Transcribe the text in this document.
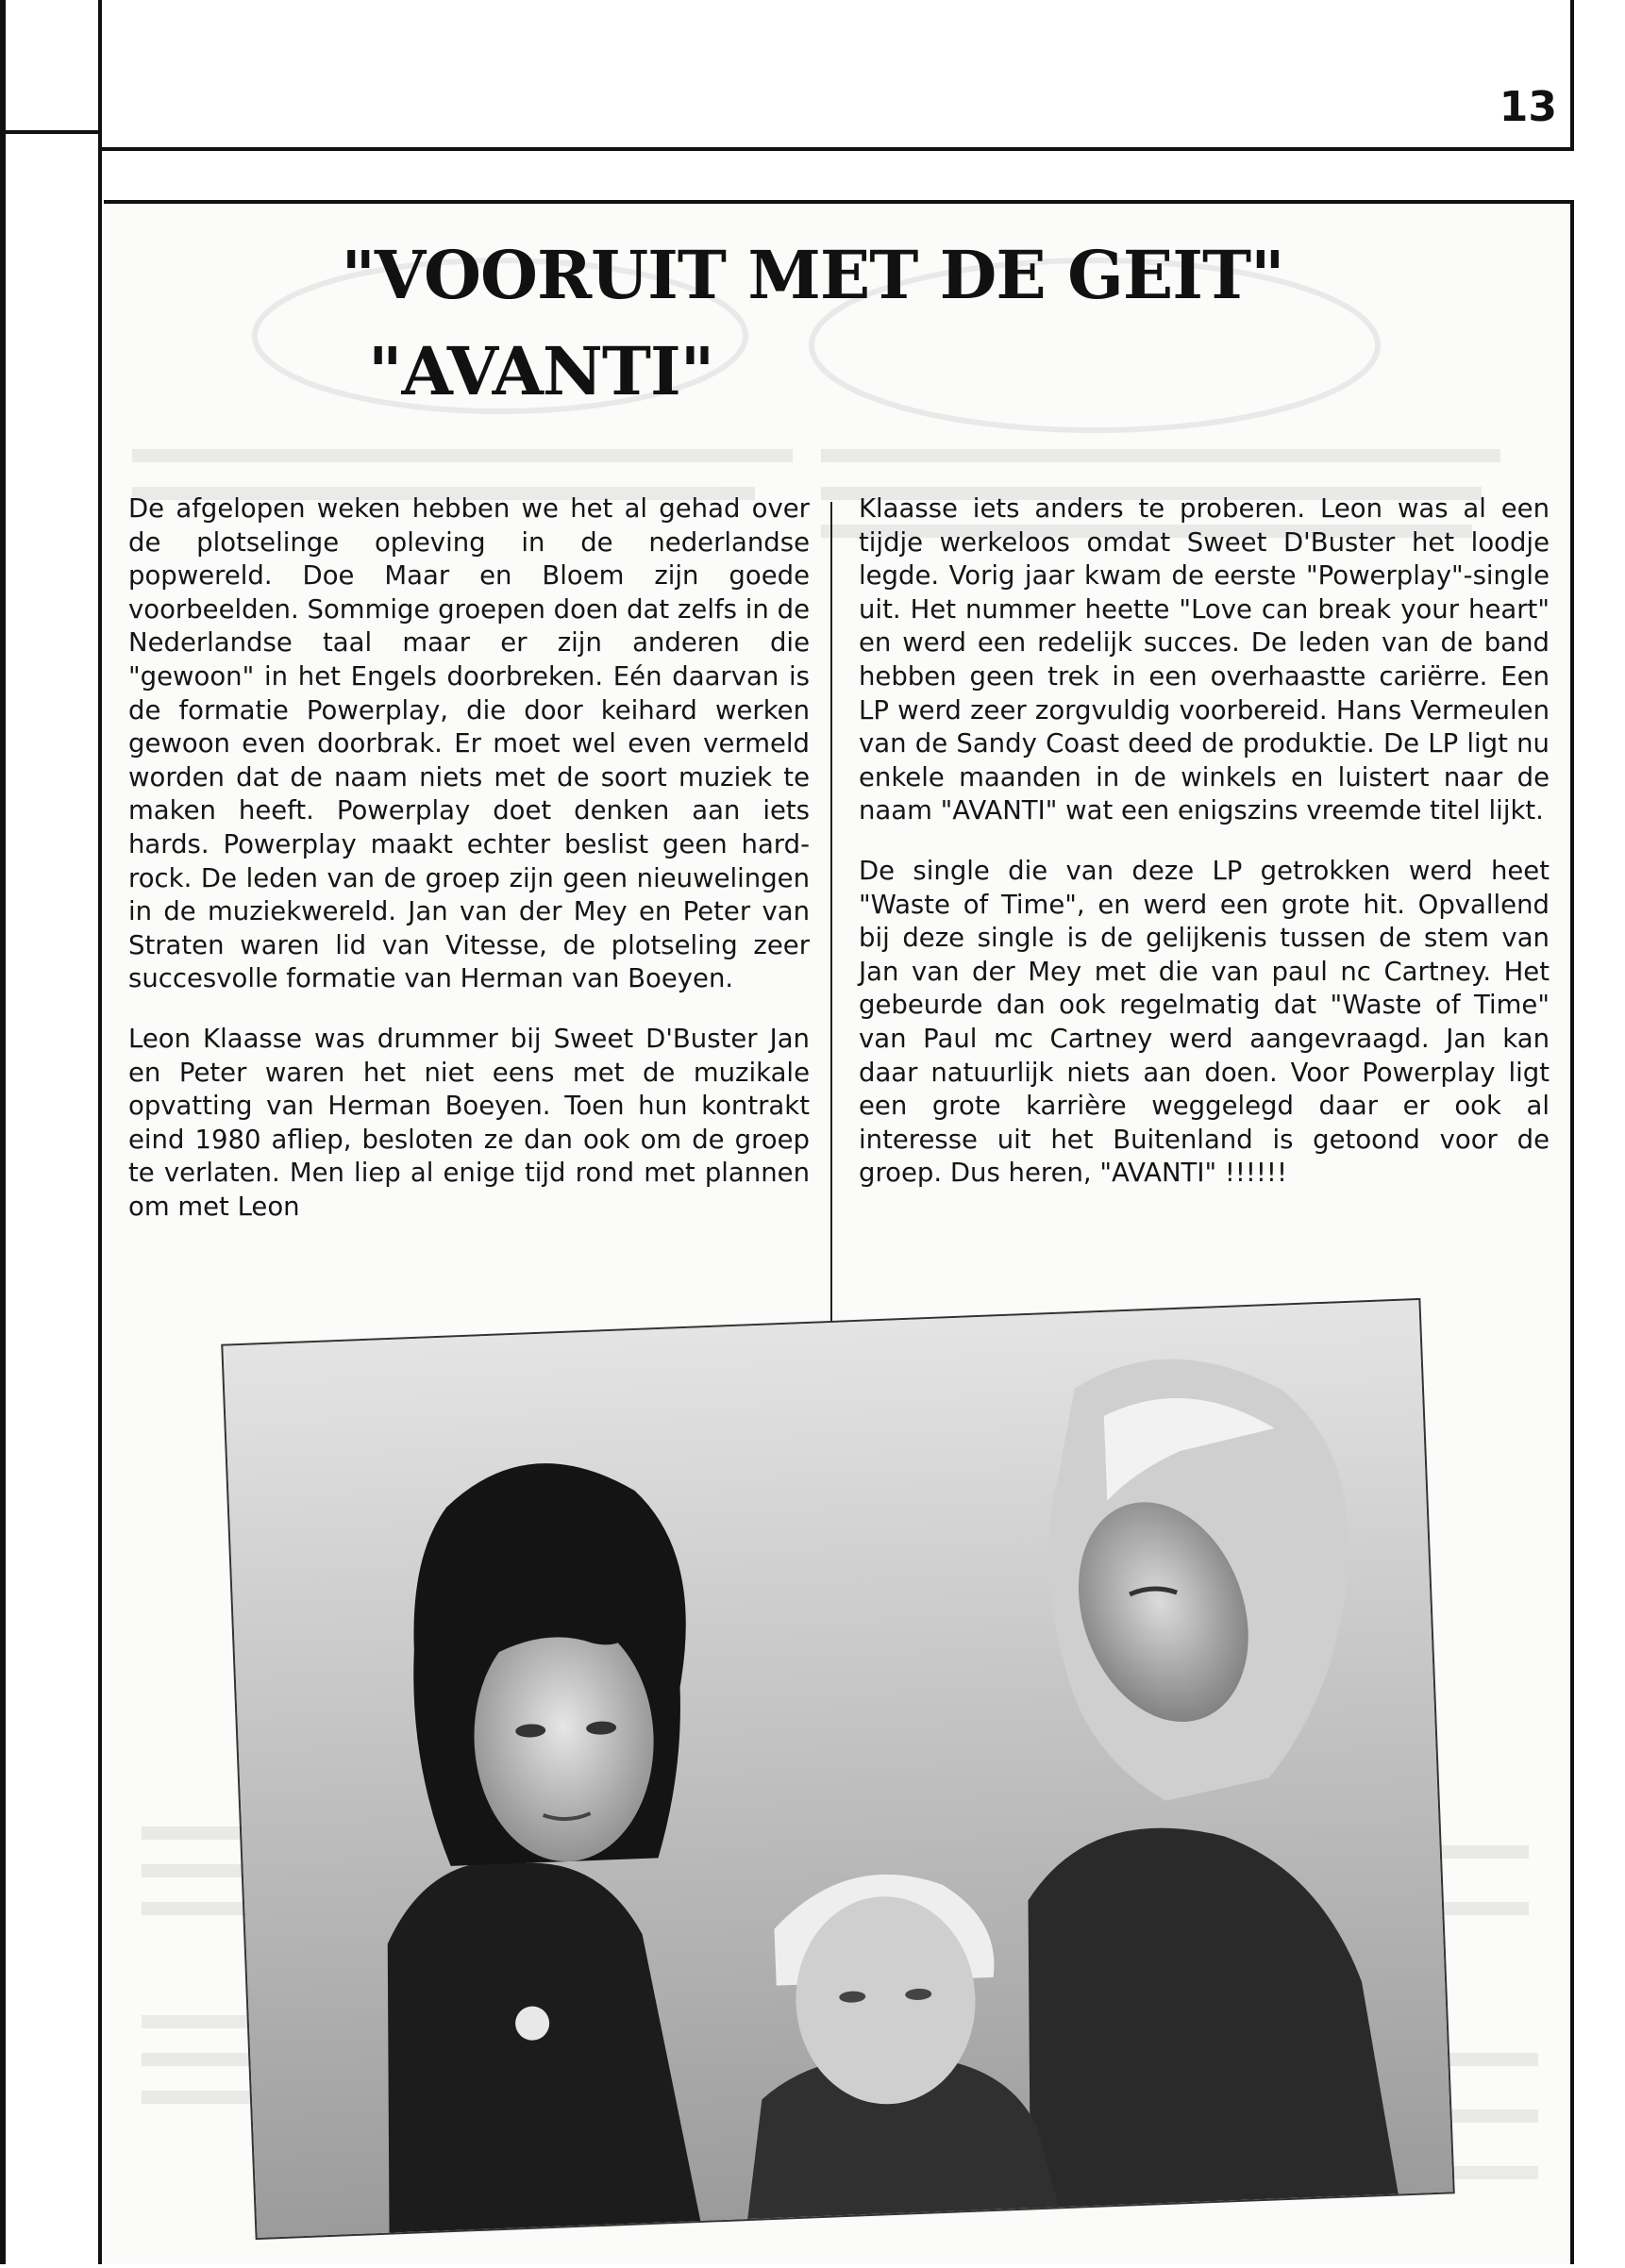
13
"VOORUIT MET DE GEIT"
"AVANTI"

De afgelopen weken hebben we het al gehad over de plotselinge opleving in de nederlandse popwereld. Doe Maar en Bloem zijn goede voorbeelden. Sommige groepen doen dat zelfs in de Nederlandse taal maar er zijn anderen die "gewoon" in het Engels doorbreken. Eén daarvan is de formatie Powerplay, die door keihard werken gewoon even doorbrak. Er moet wel even vermeld worden dat de naam niets met de soort muziek te maken heeft. Powerplay doet denken aan iets hards. Powerplay maakt echter beslist geen hard-rock. De leden van de groep zijn geen nieuwelingen in de muziekwereld. Jan van der Mey en Peter van Straten waren lid van Vitesse, de plotseling zeer succesvolle formatie van Herman van Boeyen.

Leon Klaasse was drummer bij Sweet D'Buster Jan en Peter waren het niet eens met de muzikale opvatting van Herman Boeyen. Toen hun kontrakt eind 1980 afliep, besloten ze dan ook om de groep te verlaten. Men liep al enige tijd rond met plannen om met Leon

Klaasse iets anders te proberen. Leon was al een tijdje werkeloos omdat Sweet D'Buster het loodje legde. Vorig jaar kwam de eerste "Powerplay"-single uit. Het nummer heette "Love can break your heart" en werd een redelijk succes. De leden van de band hebben geen trek in een overhaastte cariërre. Een LP werd zeer zorgvuldig voorbereid. Hans Vermeulen van de Sandy Coast deed de produktie. De LP ligt nu enkele maanden in de winkels en luistert naar de naam "AVANTI" wat een enigszins vreemde titel lijkt.

De single die van deze LP getrokken werd heet "Waste of Time", en werd een grote hit. Opvallend bij deze single is de gelijkenis tussen de stem van Jan van der Mey met die van paul nc Cartney. Het gebeurde dan ook regelmatig dat "Waste of Time" van Paul mc Cartney werd aangevraagd. Jan kan daar natuurlijk niets aan doen. Voor Powerplay ligt een grote karrière weggelegd daar er ook al interesse uit het Buitenland is getoond voor de groep. Dus heren, "AVANTI" !!!!!!
